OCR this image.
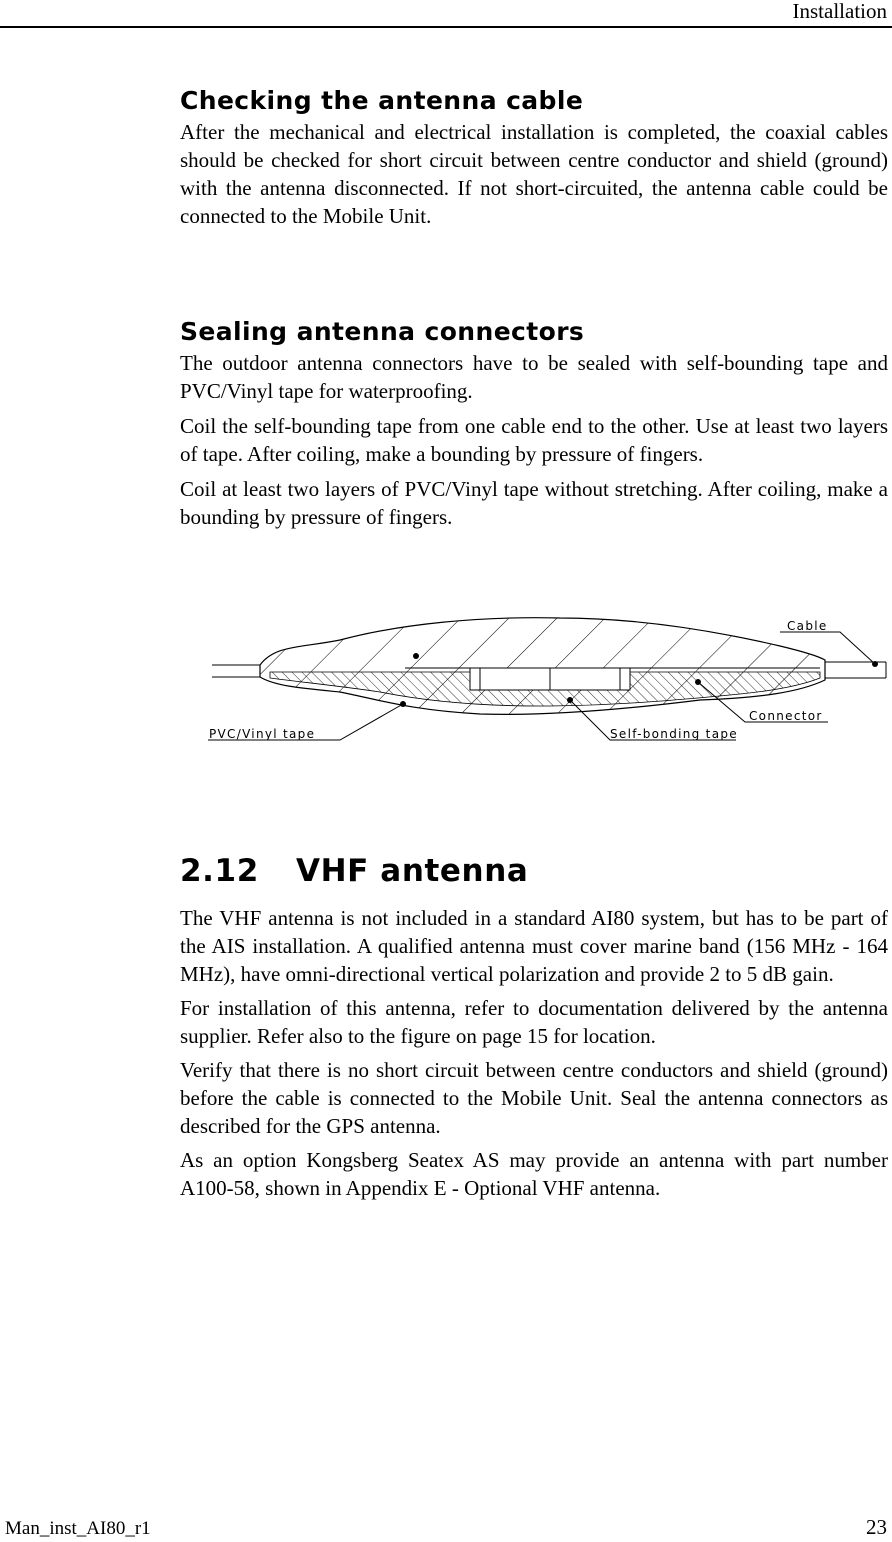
Installation
Checking the antenna cable

After the mechanical and electrical installation is completed, the coaxial cables should be checked for short circuit between centre conductor and shield (ground) with the antenna disconnected. If not short-circuited, the antenna cable could be connected to the Mobile Unit.

Sealing antenna connectors

The outdoor antenna connectors have to be sealed with self-bounding tape and PVC/Vinyl tape for waterproofing.

Coil the self-bounding tape from one cable end to the other. Use at least two layers of tape. After coiling, make a bounding by pressure of fingers.

Coil at least two layers of PVC/Vinyl tape without stretching. After coiling, make a bounding by pressure of fingers.

Cable
Connector
Self-bonding tape
PVC/Vinyl tape
2.12 VHF antenna

The VHF antenna is not included in a standard AI80 system, but has to be part of the AIS installation. A qualified antenna must cover marine band (156 MHz - 164 MHz), have omni-directional vertical polarization and provide 2 to 5 dB gain.

For installation of this antenna, refer to documentation delivered by the antenna supplier. Refer also to the figure on page 15 for location.

Verify that there is no short circuit between centre conductors and shield (ground) before the cable is connected to the Mobile Unit. Seal the antenna connectors as described for the GPS antenna.

As an option Kongsberg Seatex AS may provide an antenna with part number A100-58, shown in Appendix E - Optional VHF antenna.

Man_inst_AI80_r1	23
